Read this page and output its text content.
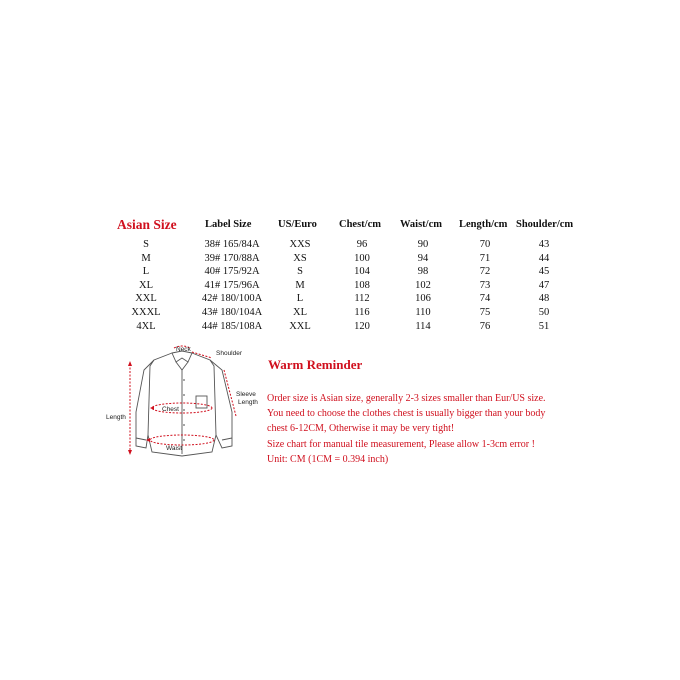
Asian Size	Label Size	US/Euro Chest/cm Waist/cm Length/cm Shoulder/cm
S	38# 165/84A	XXS	96	90	70	43
M	39# 170/88A	XS	100	94	71	44
L	40# 175/92A	S	104	98	72	45
XL	41# 175/96A	M	108	102	73	47
XXL	42# 180/100A	L	112	106	74	48
XXXL	43# 180/104A	XL	116	110	75	50
4XL	44# 185/108A	XXL	120	114	76	51
Neck
Shoulder
Sleeve
Length
Length
Chest
Waist
Warm Reminder
Order size is Asian size, generally 2-3 sizes smaller than Eur/US size.
You need to choose the clothes chest is usually bigger than your body
chest 6-12CM, Otherwise it may be very tight!
Size chart for manual tile measurement, Please allow 1-3cm error !
Unit: CM (1CM = 0.394 inch)
